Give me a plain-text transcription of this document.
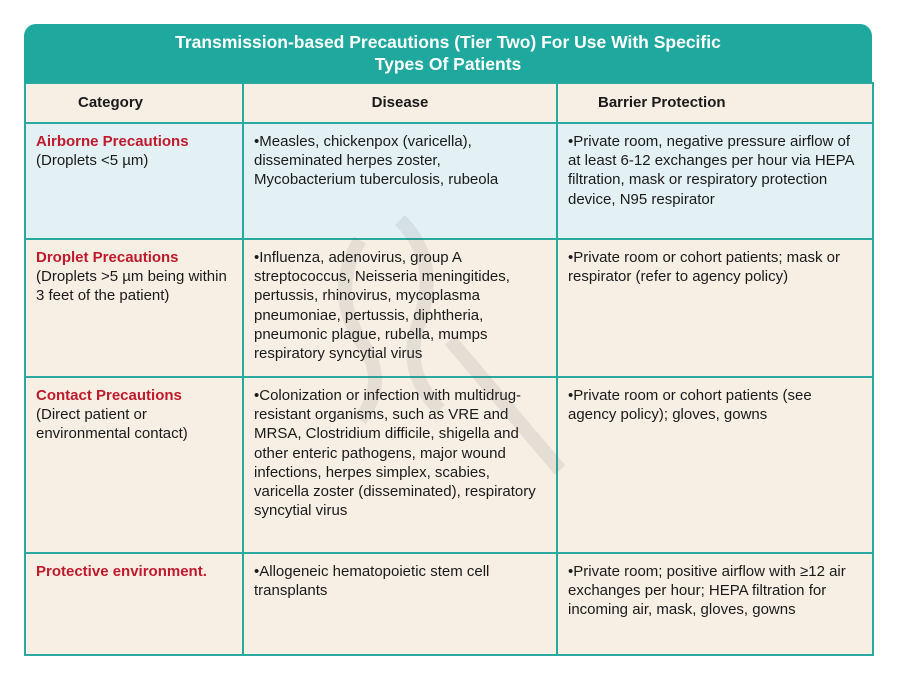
Transmission-based Precautions (Tier Two) For Use With Specific
Types Of Patients
Category	Disease	Barrier Protection

Airborne Precautions
(Droplets <5 µm)	•Measles, chickenpox (varicella), disseminated herpes zoster, Mycobacterium tuberculosis, rubeola	•Private room, negative pressure airflow of at least 6-12 exchanges per hour via HEPA filtration, mask or respiratory protection device, N95 respirator

Droplet Precautions
(Droplets >5 µm being within 3 feet of the patient)	•Influenza, adenovirus, group A streptococcus, Neisseria meningitides, pertussis, rhinovirus, mycoplasma pneumoniae, pertussis, diphtheria, pneumonic plague, rubella, mumps respiratory syncytial virus	•Private room or cohort patients; mask or respirator (refer to agency policy)

Contact Precautions
(Direct patient or environmental contact)	•Colonization or infection with multidrug-resistant organisms, such as VRE and MRSA, Clostridium difficile, shigella and other enteric pathogens, major wound infections, herpes simplex, scabies, varicella zoster (disseminated), respiratory syncytial virus	•Private room or cohort patients (see agency policy); gloves, gowns

Protective environment.	•Allogeneic hematopoietic stem cell transplants	•Private room; positive airflow with ≥12 air exchanges per hour; HEPA filtration for incoming air, mask, gloves, gowns
